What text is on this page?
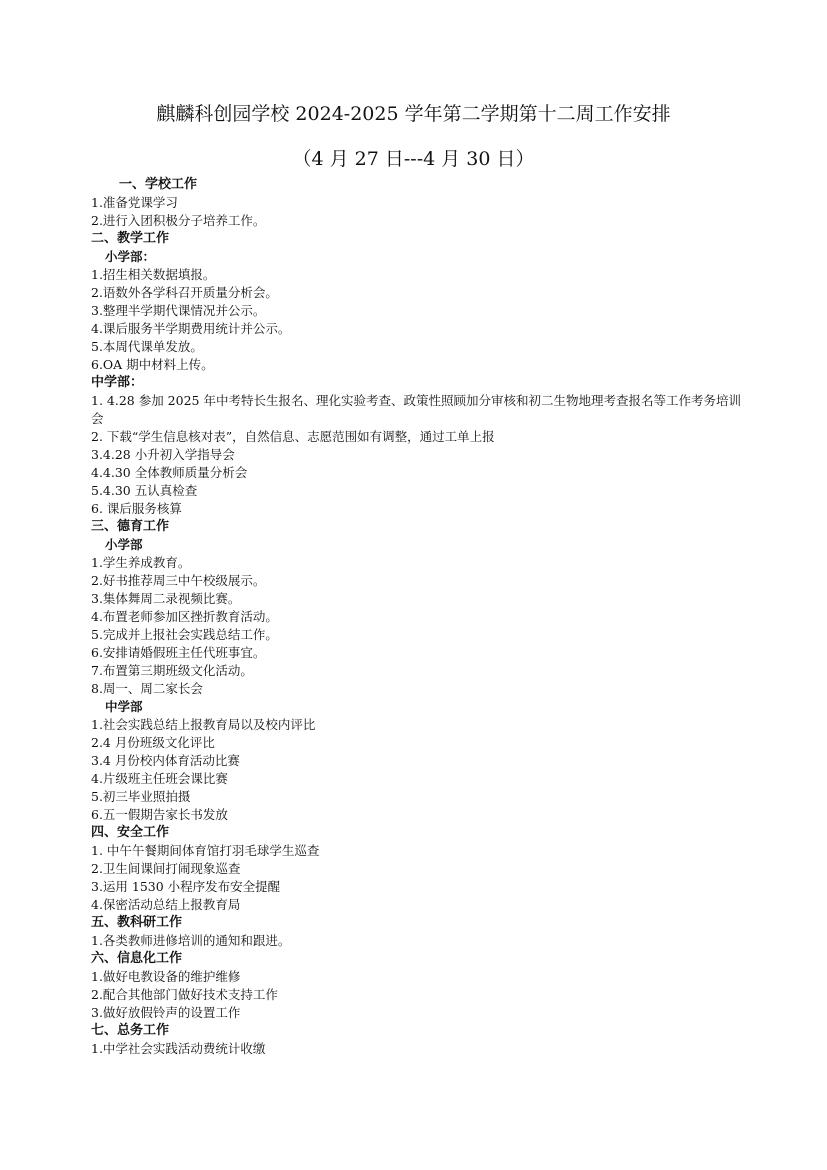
麒麟科创园学校 2024-2025 学年第二学期第十二周工作安排
（4 月 27 日---4 月 30 日）
一、学校工作
1.准备党课学习
2.进行入团积极分子培养工作。
二、教学工作
小学部：
1.招生相关数据填报。
2.语数外各学科召开质量分析会。
3.整理半学期代课情况并公示。
4.课后服务半学期费用统计并公示。
5.本周代课单发放。
6.OA 期中材料上传。
中学部：
1. 4.28 参加 2025 年中考特长生报名、理化实验考查、政策性照顾加分审核和初二生物地理考查报名等工作考务培训会
2. 下载“学生信息核对表”，自然信息、志愿范围如有调整，通过工单上报
3.4.28 小升初入学指导会
4.4.30 全体教师质量分析会
5.4.30 五认真检查
6. 课后服务核算
三、德育工作
小学部
1.学生养成教育。
2.好书推荐周三中午校级展示。
3.集体舞周二录视频比赛。
4.布置老师参加区挫折教育活动。
5.完成并上报社会实践总结工作。
6.安排请婚假班主任代班事宜。
7.布置第三期班级文化活动。
8.周一、周二家长会
中学部
1.社会实践总结上报教育局以及校内评比
2.4 月份班级文化评比
3.4 月份校内体育活动比赛
4.片级班主任班会课比赛
5.初三毕业照拍摄
6.五一假期告家长书发放
四、安全工作
1. 中午午餐期间体育馆打羽毛球学生巡查
2.卫生间课间打闹现象巡查
3.运用 1530 小程序发布安全提醒
4.保密活动总结上报教育局
五、教科研工作
1.各类教师进修培训的通知和跟进。
六、信息化工作
1.做好电教设备的维护维修
2.配合其他部门做好技术支持工作
3.做好放假铃声的设置工作
七、总务工作
1.中学社会实践活动费统计收缴
